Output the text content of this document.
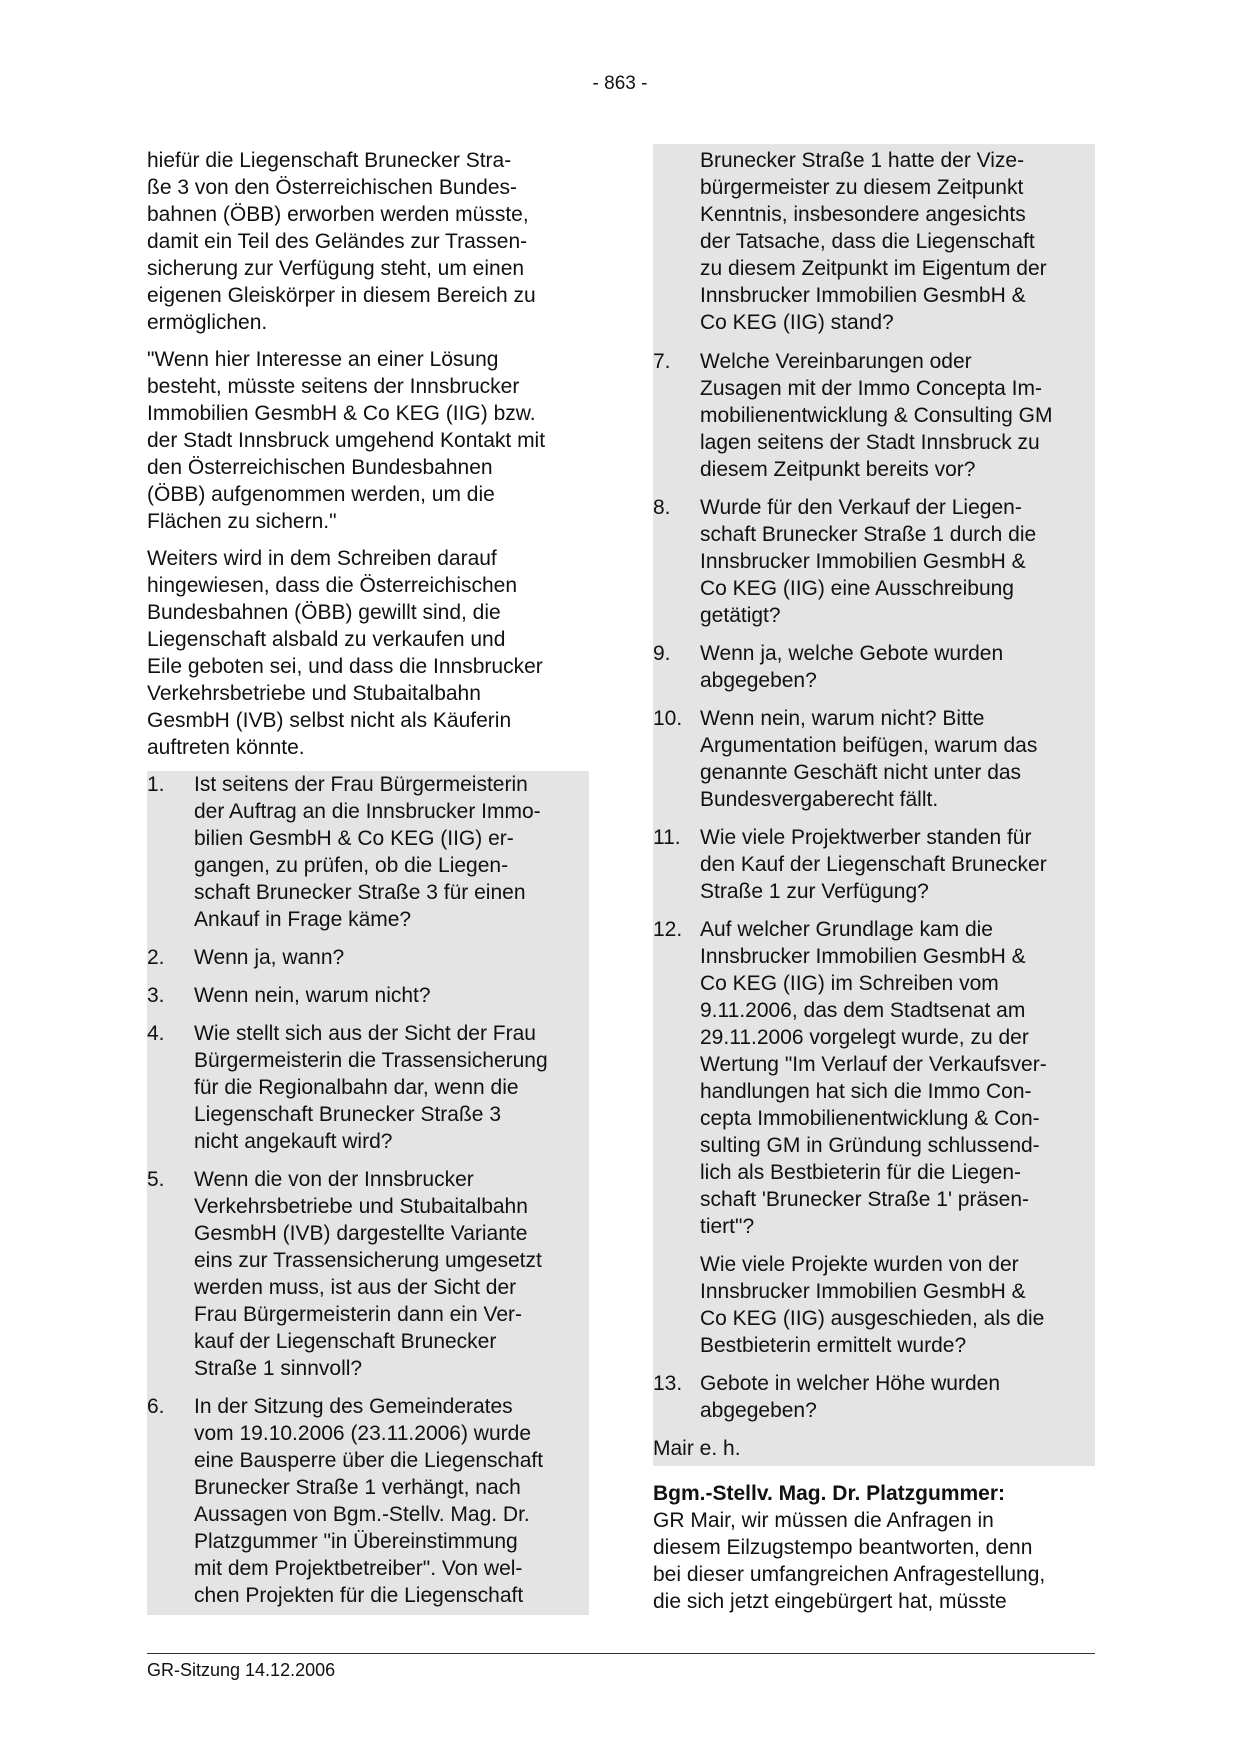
- 863 -

hiefür die Liegenschaft Brunecker Stra-
ße 3 von den Österreichischen Bundes-
bahnen (ÖBB) erworben werden müsste,
damit ein Teil des Geländes zur Trassen-
sicherung zur Verfügung steht, um einen
eigenen Gleiskörper in diesem Bereich zu
ermöglichen.

"Wenn hier Interesse an einer Lösung
besteht, müsste seitens der Innsbrucker
Immobilien GesmbH & Co KEG (IIG) bzw.
der Stadt Innsbruck umgehend Kontakt mit
den Österreichischen Bundesbahnen
(ÖBB) aufgenommen werden, um die
Flächen zu sichern."

Weiters wird in dem Schreiben darauf
hingewiesen, dass die Österreichischen
Bundesbahnen (ÖBB) gewillt sind, die
Liegenschaft alsbald zu verkaufen und
Eile geboten sei, und dass die Innsbrucker
Verkehrsbetriebe und Stubaitalbahn
GesmbH (IVB) selbst nicht als Käuferin
auftreten könnte.

1.	Ist seitens der Frau Bürgermeisterin
der Auftrag an die Innsbrucker Immo-
bilien GesmbH & Co KEG (IIG) er-
gangen, zu prüfen, ob die Liegen-
schaft Brunecker Straße 3 für einen
Ankauf in Frage käme?
2.	Wenn ja, wann?
3.	Wenn nein, warum nicht?
4.	Wie stellt sich aus der Sicht der Frau
Bürgermeisterin die Trassensicherung
für die Regionalbahn dar, wenn die
Liegenschaft Brunecker Straße 3
nicht angekauft wird?
5.	Wenn die von der Innsbrucker
Verkehrsbetriebe und Stubaitalbahn
GesmbH (IVB) dargestellte Variante
eins zur Trassensicherung umgesetzt
werden muss, ist aus der Sicht der
Frau Bürgermeisterin dann ein Ver-
kauf der Liegenschaft Brunecker
Straße 1 sinnvoll?
6.	In der Sitzung des Gemeinderates
vom 19.10.2006 (23.11.2006) wurde
eine Bausperre über die Liegenschaft
Brunecker Straße 1 verhängt, nach
Aussagen von Bgm.-Stellv. Mag. Dr.
Platzgummer "in Übereinstimmung
mit dem Projektbetreiber". Von wel-
chen Projekten für die Liegenschaft
Brunecker Straße 1 hatte der Vize-
bürgermeister zu diesem Zeitpunkt
Kenntnis, insbesondere angesichts
der Tatsache, dass die Liegenschaft
zu diesem Zeitpunkt im Eigentum der
Innsbrucker Immobilien GesmbH &
Co KEG (IIG) stand?
7.	Welche Vereinbarungen oder
Zusagen mit der Immo Concepta Im-
mobilienentwicklung & Consulting GM
lagen seitens der Stadt Innsbruck zu
diesem Zeitpunkt bereits vor?
8.	Wurde für den Verkauf der Liegen-
schaft Brunecker Straße 1 durch die
Innsbrucker Immobilien GesmbH &
Co KEG (IIG) eine Ausschreibung
getätigt?
9.	Wenn ja, welche Gebote wurden
abgegeben?
10. Wenn nein, warum nicht? Bitte
Argumentation beifügen, warum das
genannte Geschäft nicht unter das
Bundesvergaberecht fällt.
11. Wie viele Projektwerber standen für
den Kauf der Liegenschaft Brunecker
Straße 1 zur Verfügung?
12. Auf welcher Grundlage kam die
Innsbrucker Immobilien GesmbH &
Co KEG (IIG) im Schreiben vom
9.11.2006, das dem Stadtsenat am
29.11.2006 vorgelegt wurde, zu der
Wertung "Im Verlauf der Verkaufsver-
handlungen hat sich die Immo Con-
cepta Immobilienentwicklung & Con-
sulting GM in Gründung schlussend-
lich als Bestbieterin für die Liegen-
schaft 'Brunecker Straße 1' präsen-
tiert"?
Wie viele Projekte wurden von der
Innsbrucker Immobilien GesmbH &
Co KEG (IIG) ausgeschieden, als die
Bestbieterin ermittelt wurde?
13. Gebote in welcher Höhe wurden
abgegeben?

Mair e. h.

Bgm.-Stellv. Mag. Dr. Platzgummer:

GR Mair, wir müssen die Anfragen in
diesem Eilzugstempo beantworten, denn
bei dieser umfangreichen Anfragestellung,
die sich jetzt eingebürgert hat, müsste

GR-Sitzung 14.12.2006
